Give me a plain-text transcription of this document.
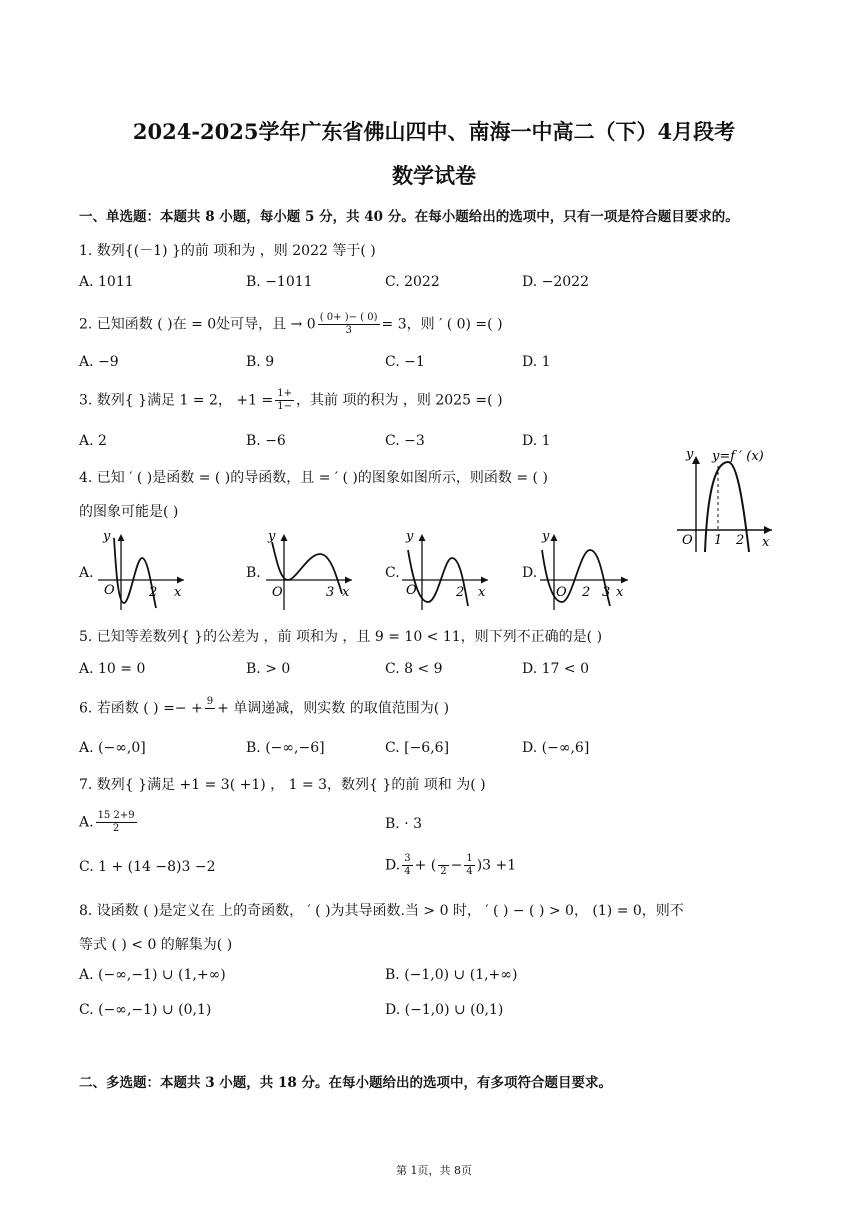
2024-2025学年广东省佛山四中、南海一中高二（下）4月段考
数学试卷
一、单选题：本题共 8 小题，每小题 5 分，共 40 分。在每小题给出的选项中，只有一项是符合题目要求的。
1. 数列{(－1) }的前 项和为 ，则 2022 等于( )
A. 1011	B. −1011	C. 2022	D. −2022
2. 已知函数 ( )在 = 0处可导，且 → $0 \frac{( 0+ )- ( 0)}{3} = 3$，则 ′ ( 0) =( )
A. −9	B. 9	C. −1	D. 1
3. 数列{ }满足 1 = 2， $+1 = \frac{1+}{1-}$ ，其前 项的积为 ，则 2025 =( )
A. 2	B. −6	C. −3	D. 1
4. 已知 ′ ( )是函数 = ( )的导函数，且 = ′ ( )的图象如图所示，则函数 = ( )
的图象可能是( )
y y=f ′ (x)
O 1 2 x
A.
y
O	2 x
B.
y
O	3 x
C.
y
O	2 x
D.
y
O 2 3 x
5. 已知等差数列{ }的公差为 ，前 项和为 ，且 9 = 10 < 11，则下列不正确的是( )
A. 10 = 0	B. > 0	C. 8 < 9	D. 17 < 0
6. 若函数 ( ) =− + 9
+ 单调递减，则实数 的取值范围为( )
A. (−∞,0]	B. (−∞,−6]	C. [−6,6]	D. (−∞,6]
7. 数列{ }满足 +1 = 3( +1) ， 1 = 3，数列{ }的前 项和 为( )
A. $\frac{15 2+9}{2}$	B. · 3
C. 1 + (14 −8)3 −2	D. $\frac{3}{4}$ + (
$2 - \frac{1}{4} )3 +1$
8. 设函数 ( )是定义在 上的奇函数， ′ ( )为其导函数.当 > 0 时， ′ ( ) − ( ) > 0， (1) = 0，则不
等式 ( ) < 0 的解集为( )
A. (−∞,−1) ∪ (1,+∞)	B. (−1,0) ∪ (1,+∞)
C. (−∞,−1) ∪ (0,1)	D. (−1,0) ∪ (0,1)
二、多选题：本题共 3 小题，共 18 分。在每小题给出的选项中，有多项符合题目要求。
第 1页，共 8页
